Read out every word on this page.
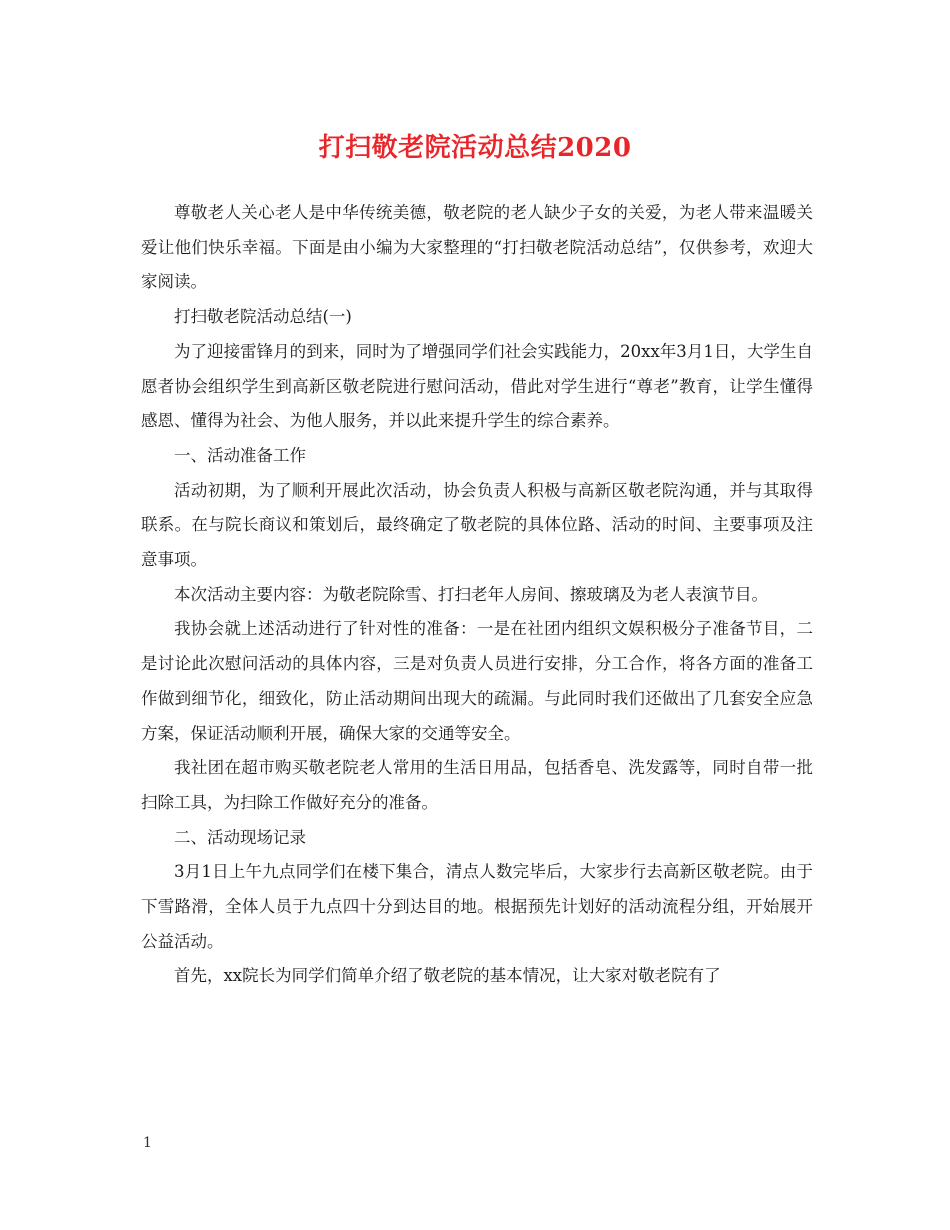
打扫敬老院活动总结2020

尊敬老人关心老人是中华传统美德，敬老院的老人缺少子女的关爱，为老人带来温暖关爱让他们快乐幸福。下面是由小编为大家整理的“打扫敬老院活动总结”，仅供参考，欢迎大家阅读。

打扫敬老院活动总结(一)

为了迎接雷锋月的到来，同时为了增强同学们社会实践能力，20xx年3月1日，大学生自愿者协会组织学生到高新区敬老院进行慰问活动，借此对学生进行“尊老”教育，让学生懂得感恩、懂得为社会、为他人服务，并以此来提升学生的综合素养。

一、活动准备工作

活动初期，为了顺利开展此次活动，协会负责人积极与高新区敬老院沟通，并与其取得联系。在与院长商议和策划后，最终确定了敬老院的具体位路、活动的时间、主要事项及注意事项。

本次活动主要内容：为敬老院除雪、打扫老年人房间、擦玻璃及为老人表演节目。

我协会就上述活动进行了针对性的准备：一是在社团内组织文娱积极分子准备节目，二是讨论此次慰问活动的具体内容，三是对负责人员进行安排，分工合作，将各方面的准备工作做到细节化，细致化，防止活动期间出现大的疏漏。与此同时我们还做出了几套安全应急方案，保证活动顺利开展，确保大家的交通等安全。

我社团在超市购买敬老院老人常用的生活日用品，包括香皂、洗发露等，同时自带一批扫除工具，为扫除工作做好充分的准备。

二、活动现场记录

3月1日上午九点同学们在楼下集合，清点人数完毕后，大家步行去高新区敬老院。由于下雪路滑，全体人员于九点四十分到达目的地。根据预先计划好的活动流程分组，开始展开公益活动。

首先，xx院长为同学们简单介绍了敬老院的基本情况，让大家对敬老院有了

1
